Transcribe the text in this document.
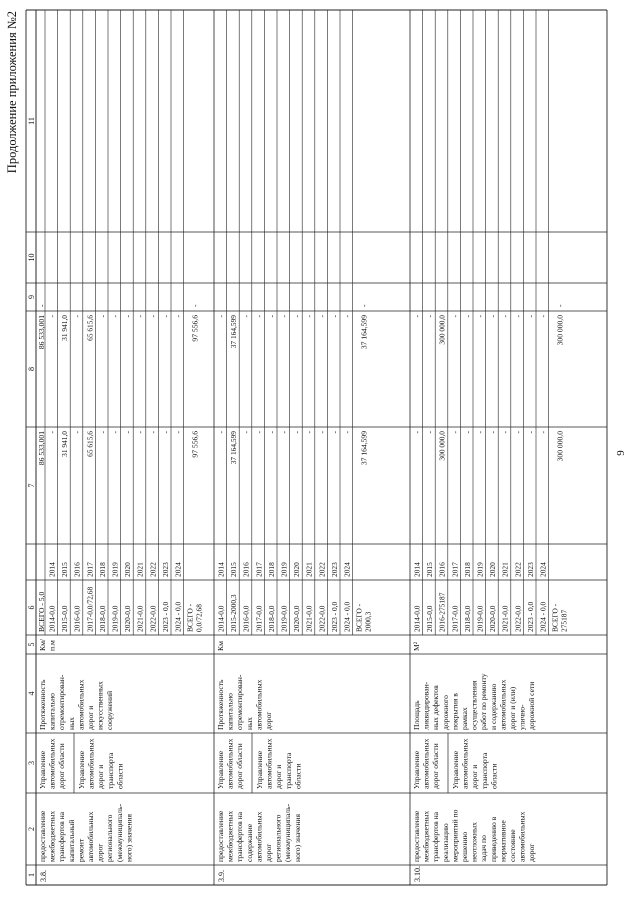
9
Продолжение приложения №2
1
2
3
4
5
6
7
8
9
10
11
3.8.
предоставление межбюджетных трансфертов на капитальный ремонт автомобильных дорог регионального (межмуниципаль- ного) значения
Управление автомобильных дорог области Управление автомобильных дорог и транспорта области
Протяженность капитально отремонтирован- ных автомобильных дорог и искусственных сооружений
Км/ п.м
ВСЕГО - 5,0
86 533,001
86 533,001
-
2014-0,0
2014
-
-
2015-0,0
2015
31 941,0
31 941,0
2016-0,0
2016
-
-
2017-0,0/72,68
2017
65 615,6
65 615,6
2018-0,0
2018
-
-
2019-0,0
2019
-
-
2020-0,0
2020
-
-
2021-0,0
2021
-
-
2022-0,0
2022
-
-
2023 - 0,0
2023
-
-
2024 - 0,0
2024
-
-
ВСЕГО - 0,0/72,68
97 556,6
97 556,6
-
3.9.
предоставление межбюджетных трансфертов на содержание автомобильных дорог регионального (межмуниципаль- ного) значения
Управление автомобильных дорог области Управление автомобильных дорог и транспорта области
Протяженность капитально отремонтирован- ных автомобильных дорог
Км
2014-0,0
2014
-
-
2015-2000,3
2015
37 164,599
37 164,599
2016-0,0
2016
-
-
2017-0,0
2017
-
-
2018-0,0
2018
-
-
2019-0,0
2019
-
-
2020-0,0
2020
-
-
2021-0,0
2021
-
-
2022-0,0
2022
-
-
2023 - 0,0
2023
-
-
2024 - 0,0
2024
-
-
ВСЕГО - 2000,3
37 164,599
37 164,599
-
3.10.
предоставление межбюджетных трансфертов на реализацию мероприятий по решению неотложных задач по приведению в нормативное состояние автомобильных дорог
Управление автомобильных дорог области Управление автомобильных дорог и транспорта области
Площадь ликвидирован- ных дефектов дорожного покрытия в рамках осуществления работ по ремонту и содержанию автомобильных дорог и (или) улично- дорожной сети
М²
2014-0,0
2014
-
-
2015-0,0
2015
-
-
2016-275187
2016
300 000,0
300 000,0
2017-0,0
2017
-
-
2018-0,0
2018
-
-
2019-0,0
2019
-
-
2020-0,0
2020
-
-
2021-0,0
2021
-
-
2022-0,0
2022
-
-
2023 - 0,0
2023
-
-
2024 - 0,0
2024
-
-
ВСЕГО - 275187
300 000,0
300 000,0
-
